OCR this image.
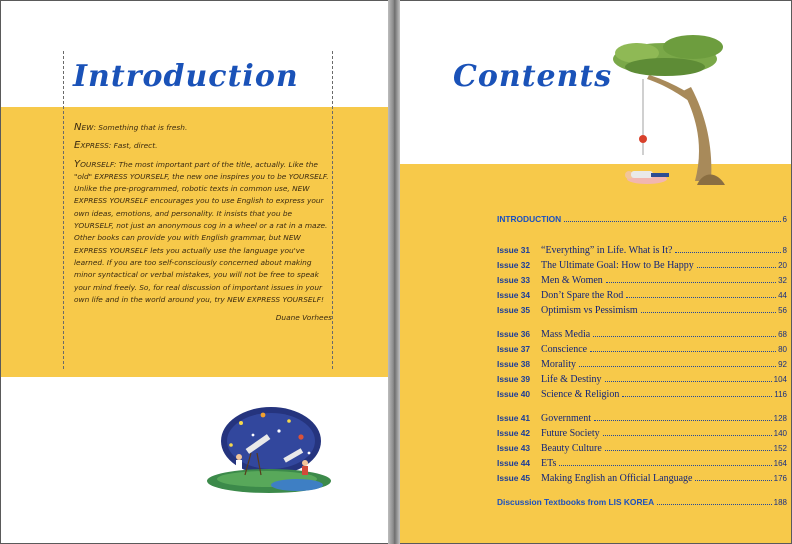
Introduction

NEW: Something that is fresh.

EXPRESS: Fast, direct.

YOURSELF: The most important part of the title, actually. Like the "old" EXPRESS YOURSELF, the new one inspires you to be YOURSELF. Unlike the pre-programmed, robotic texts in common use, NEW EXPRESS YOURSELF encourages you to use English to express your own ideas, emotions, and personality. It insists that you be YOURSELF, not just an anonymous cog in a wheel or a rat in a maze. Other books can provide you with English grammar, but NEW EXPRESS YOURSELF lets you actually use the language you've learned. If you are too self-consciously concerned about making minor syntactical or verbal mistakes, you will not be free to speak your mind freely. So, for real discussion of important issues in your own life and in the world around you, try NEW EXPRESS YOURSELF!

Duane Vorhees

Contents
INTRODUCTION	6
Issue 31	“Everything” in Life. What is It?	8
Issue 32	The Ultimate Goal: How to Be Happy	20
Issue 33	Men & Women	32
Issue 34	Don’t Spare the Rod	44
Issue 35	Optimism vs Pessimism	56
Issue 36	Mass Media	68
Issue 37	Conscience	80
Issue 38	Morality	92
Issue 39	Life & Destiny	104
Issue 40	Science & Religion	116
Issue 41	Government	128
Issue 42	Future Society	140
Issue 43	Beauty Culture	152
Issue 44	ETs	164
Issue 45	Making English an Official Language	176
Discussion Textbooks from LIS KOREA	188
